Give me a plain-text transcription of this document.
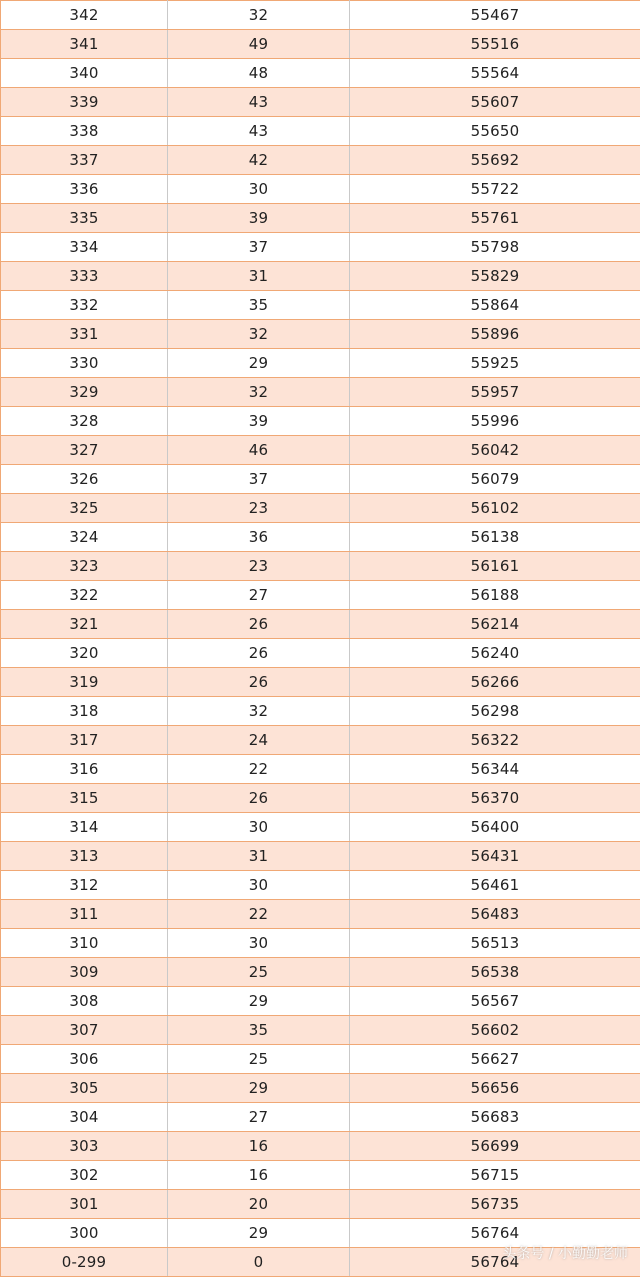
342	32	55467
341	49	55516
340	48	55564
339	43	55607
338	43	55650
337	42	55692
336	30	55722
335	39	55761
334	37	55798
333	31	55829
332	35	55864
331	32	55896
330	29	55925
329	32	55957
328	39	55996
327	46	56042
326	37	56079
325	23	56102
324	36	56138
323	23	56161
322	27	56188
321	26	56214
320	26	56240
319	26	56266
318	32	56298
317	24	56322
316	22	56344
315	26	56370
314	30	56400
313	31	56431
312	30	56461
311	22	56483
310	30	56513
309	25	56538
308	29	56567
307	35	56602
306	25	56627
305	29	56656
304	27	56683
303	16	56699
302	16	56715
301	20	56735
300	29	56764
0-299	0	56764
头条号 / 小勤勤老师
